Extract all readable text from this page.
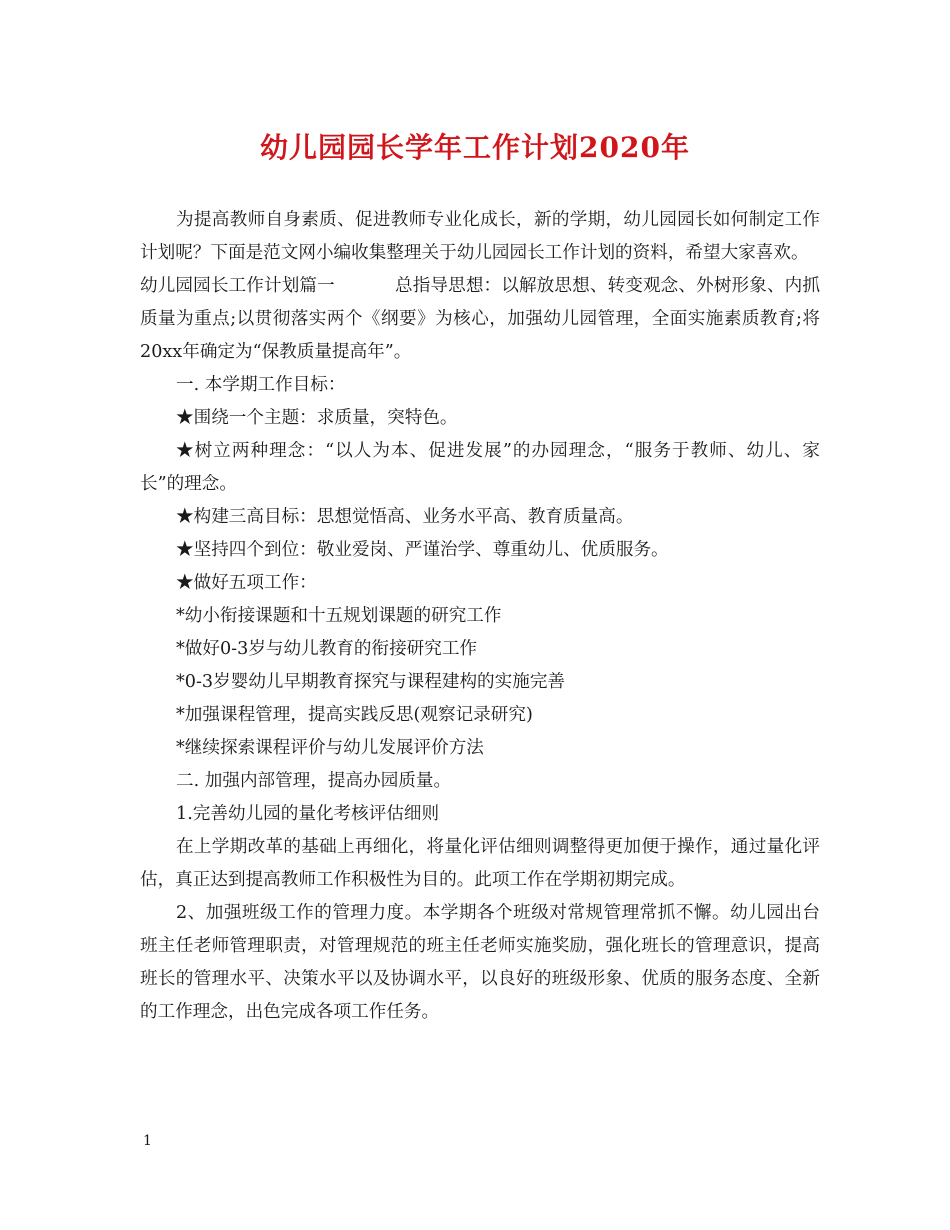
幼儿园园长学年工作计划2020年

为提高教师自身素质、促进教师专业化成长，新的学期，幼儿园园长如何制定工作计划呢？下面是范文网小编收集整理关于幼儿园园长工作计划的资料，希望大家喜欢。

幼儿园园长工作计划篇一	总指导思想：以解放思想、转变观念、外树形象、内抓质量为重点;以贯彻落实两个《纲要》为核心，加强幼儿园管理，全面实施素质教育;将20xx年确定为“保教质量提高年”。

一. 本学期工作目标：

★围绕一个主题：求质量，突特色。

★树立两种理念：“以人为本、促进发展”的办园理念，“服务于教师、幼儿、家长”的理念。

★构建三高目标：思想觉悟高、业务水平高、教育质量高。

★坚持四个到位：敬业爱岗、严谨治学、尊重幼儿、优质服务。

★做好五项工作：

*幼小衔接课题和十五规划课题的研究工作

*做好0-3岁与幼儿教育的衔接研究工作

*0-3岁婴幼儿早期教育探究与课程建构的实施完善

*加强课程管理，提高实践反思(观察记录研究)

*继续探索课程评价与幼儿发展评价方法

二. 加强内部管理，提高办园质量。

1.完善幼儿园的量化考核评估细则

在上学期改革的基础上再细化，将量化评估细则调整得更加便于操作，通过量化评估，真正达到提高教师工作积极性为目的。此项工作在学期初期完成。

2、加强班级工作的管理力度。本学期各个班级对常规管理常抓不懈。幼儿园出台班主任老师管理职责，对管理规范的班主任老师实施奖励，强化班长的管理意识，提高班长的管理水平、决策水平以及协调水平，以良好的班级形象、优质的服务态度、全新的工作理念，出色完成各项工作任务。

1
